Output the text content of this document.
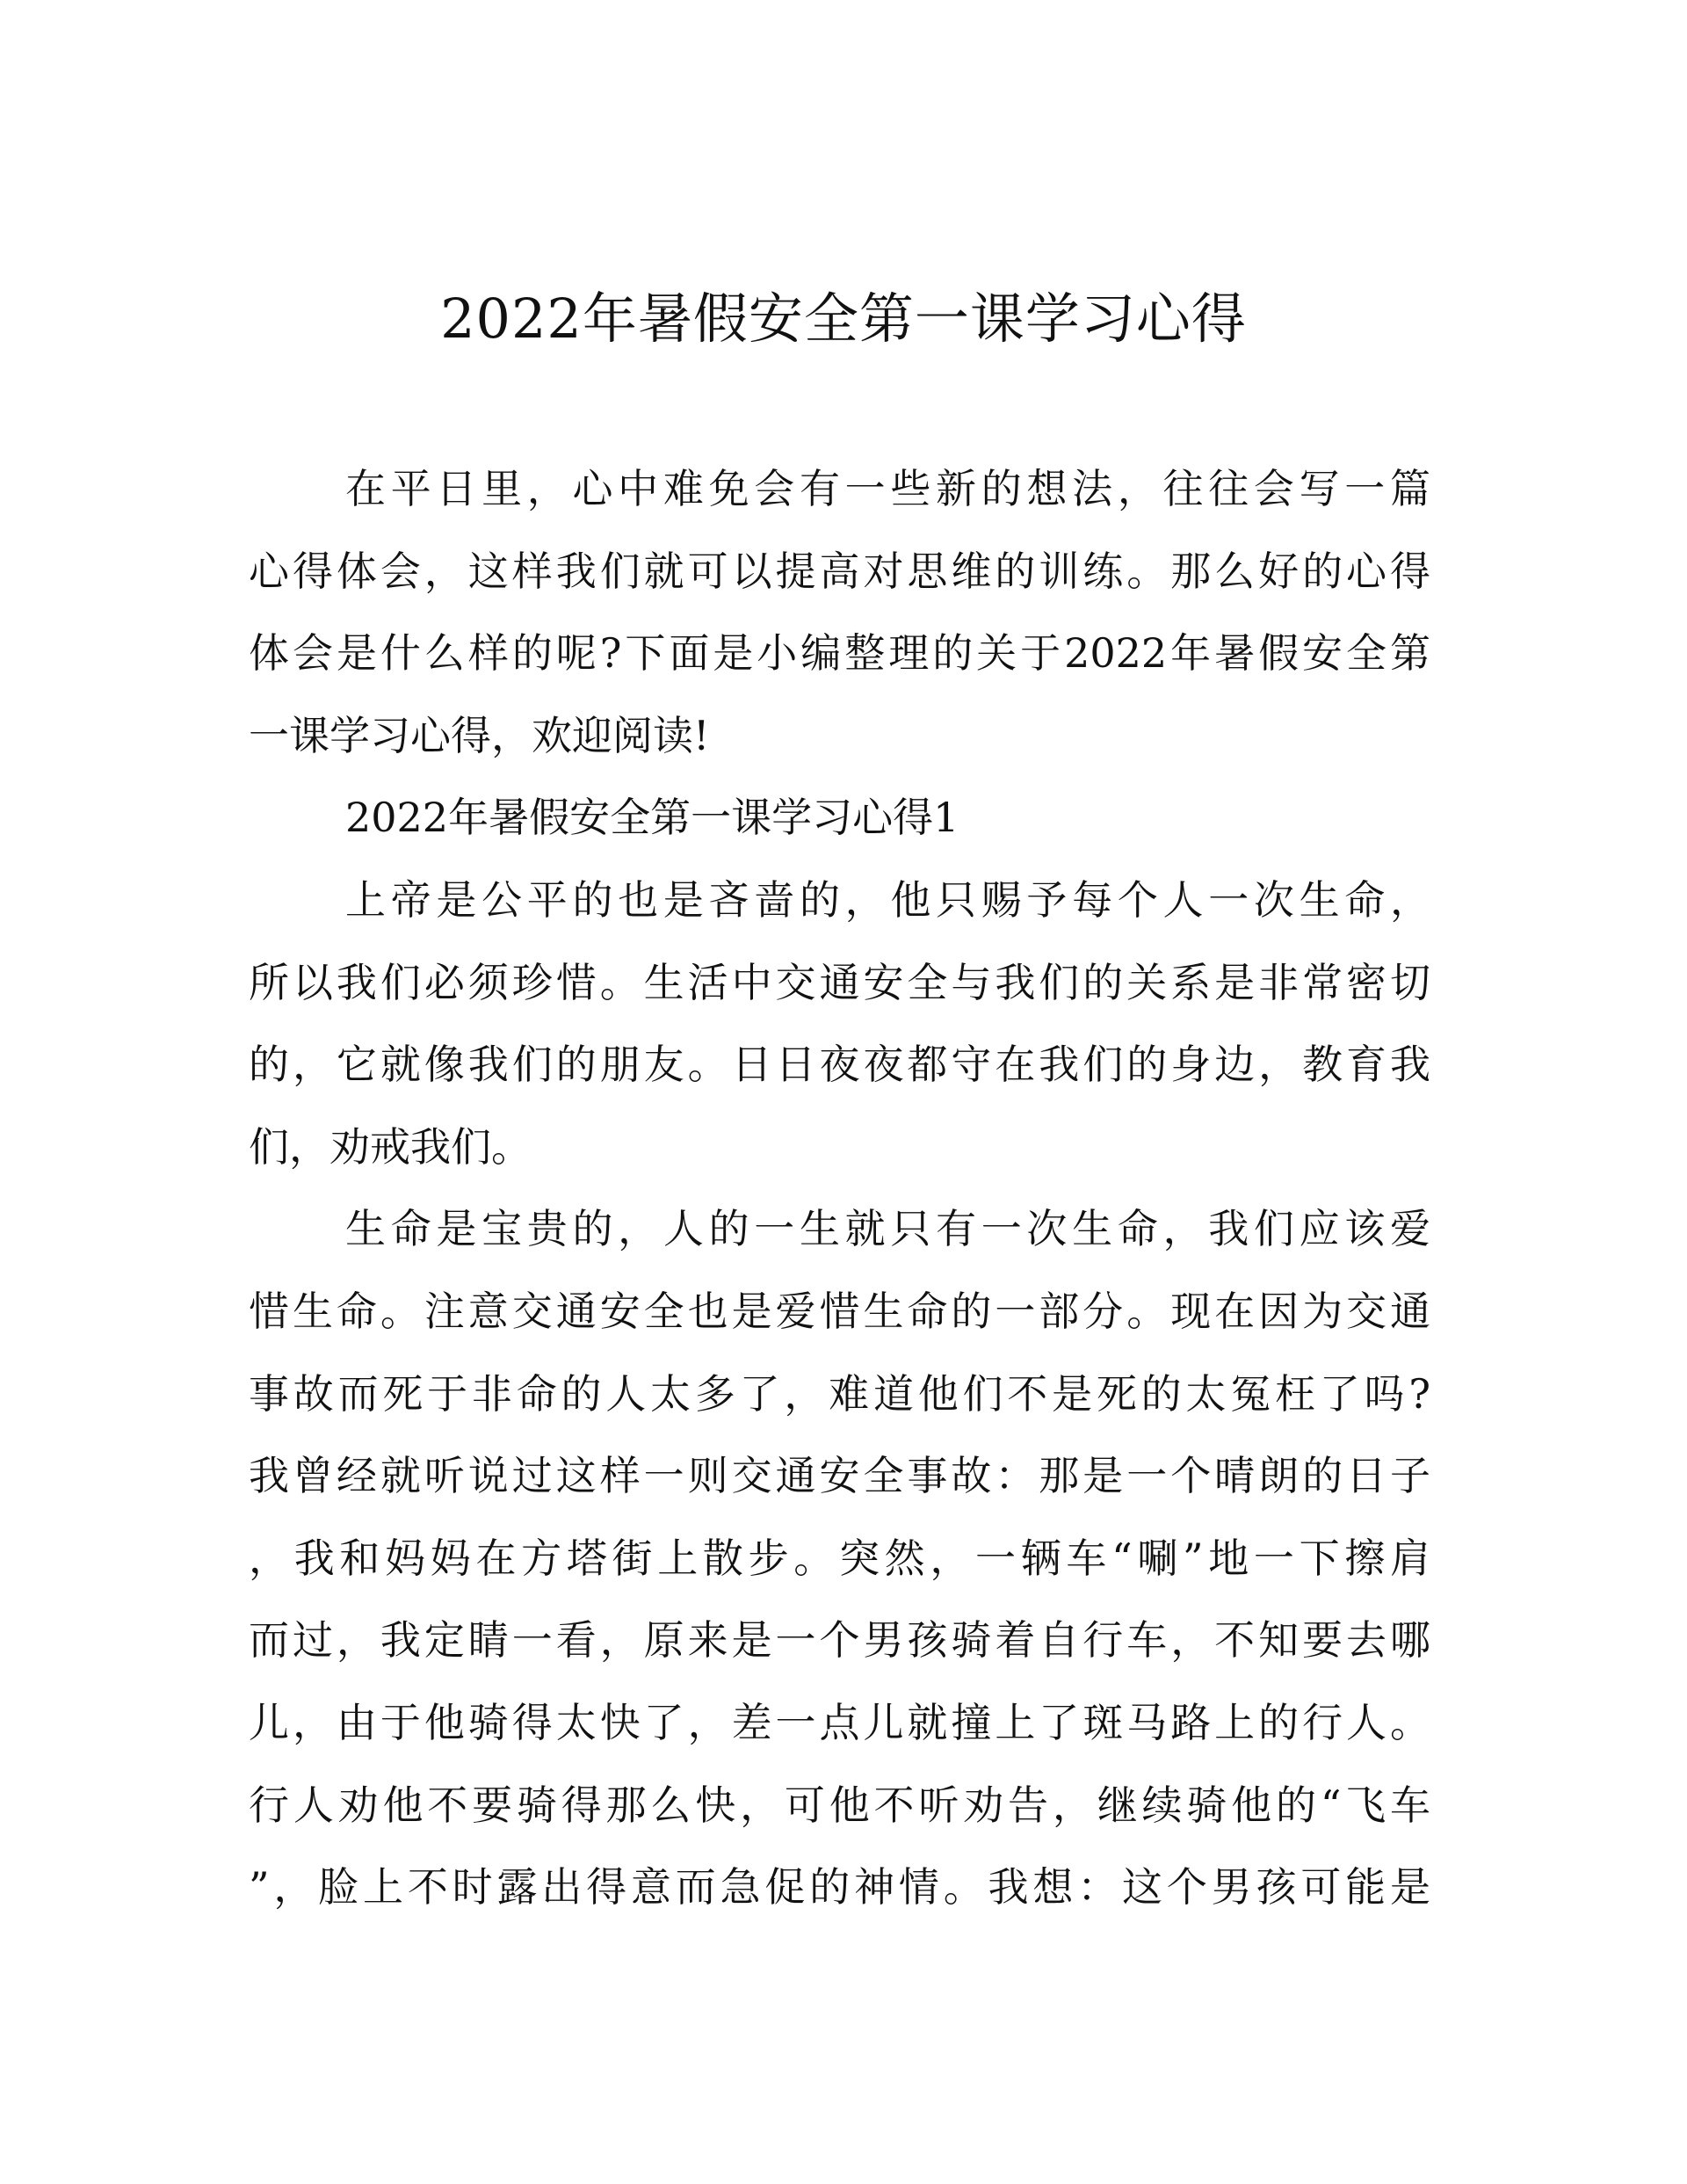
2022年暑假安全第一课学习心得
在平日里，心中难免会有一些新的想法，往往会写一篇
心得体会，这样我们就可以提高对思维的训练。那么好的心得
体会是什么样的呢?下面是小编整理的关于2022年暑假安全第
一课学习心得，欢迎阅读!
2022年暑假安全第一课学习心得1
上帝是公平的也是吝啬的，他只赐予每个人一次生命，
所以我们必须珍惜。生活中交通安全与我们的关系是非常密切
的，它就像我们的朋友。日日夜夜都守在我们的身边，教育我
们，劝戒我们。
生命是宝贵的，人的一生就只有一次生命，我们应该爱
惜生命。注意交通安全也是爱惜生命的一部分。现在因为交通
事故而死于非命的人太多了，难道他们不是死的太冤枉了吗?
我曾经就听说过这样一则交通安全事故：那是一个晴朗的日子
，我和妈妈在方塔街上散步。突然，一辆车“唰”地一下擦肩
而过，我定睛一看，原来是一个男孩骑着自行车，不知要去哪
儿，由于他骑得太快了，差一点儿就撞上了斑马路上的行人。
行人劝他不要骑得那么快，可他不听劝告，继续骑他的“飞车
”，脸上不时露出得意而急促的神情。我想：这个男孩可能是
